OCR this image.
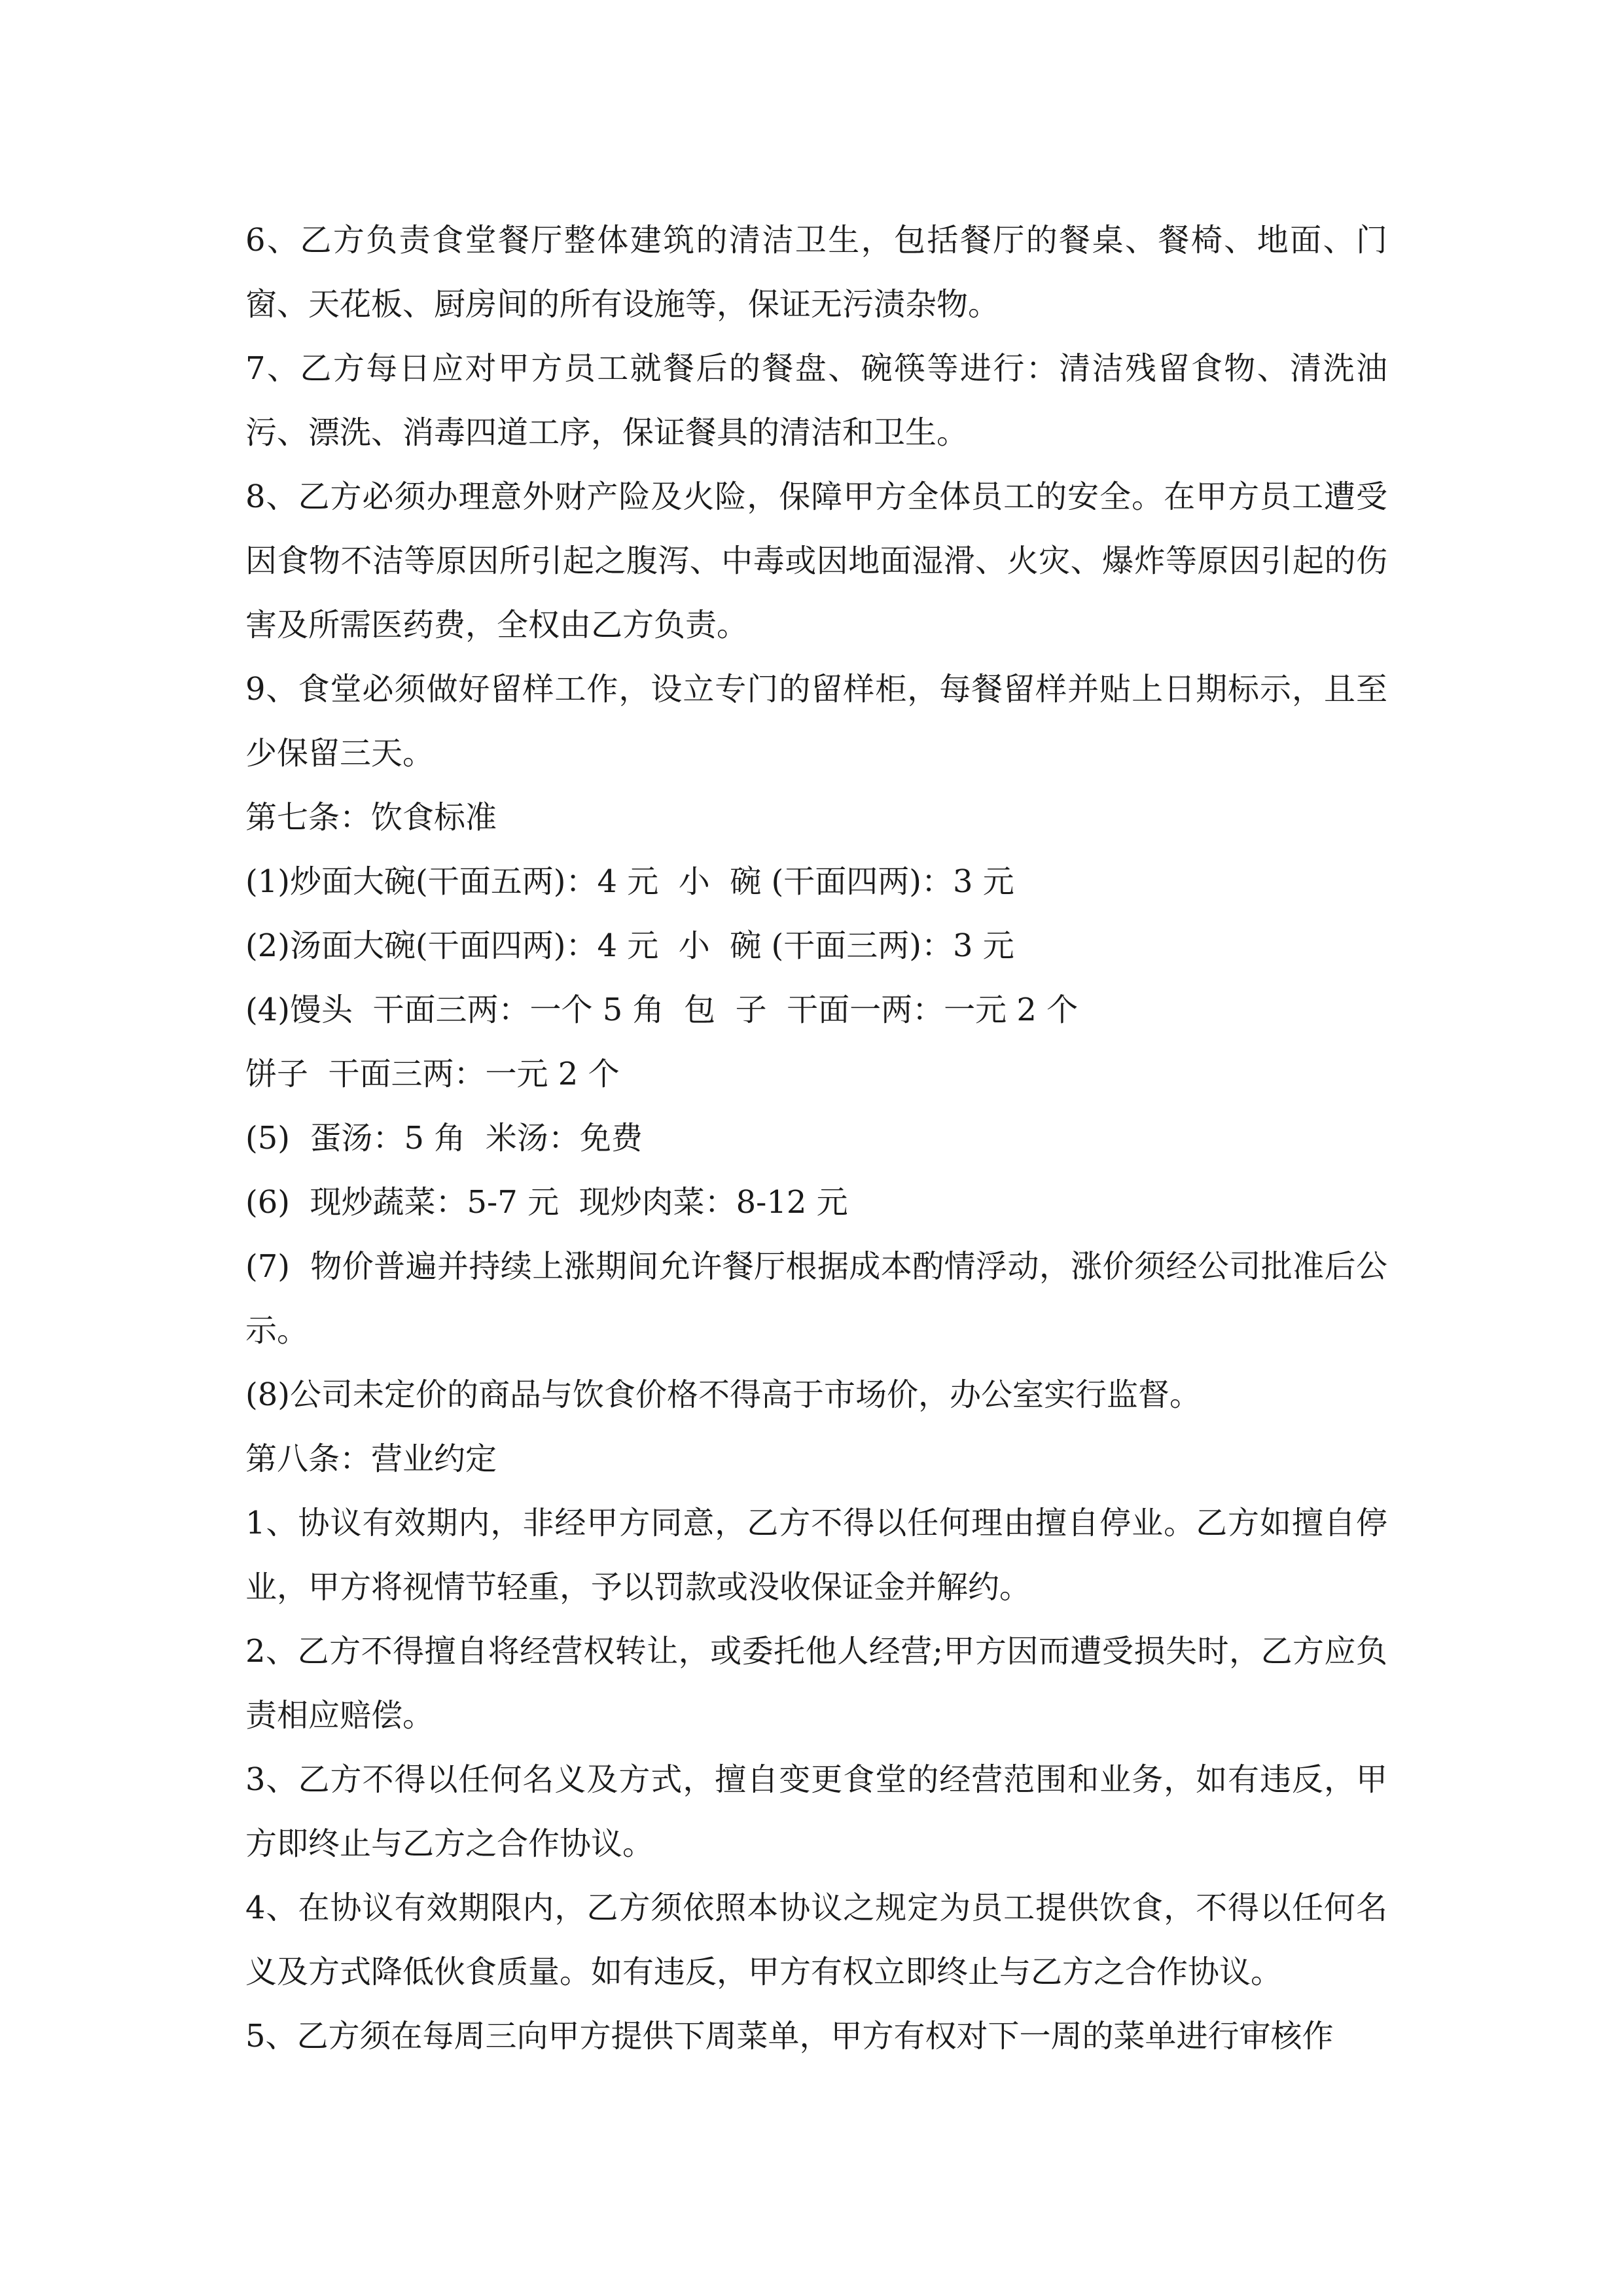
6、乙方负责食堂餐厅整体建筑的清洁卫生，包括餐厅的餐桌、餐椅、地面、门窗、天花板、厨房间的所有设施等，保证无污渍杂物。

7、乙方每日应对甲方员工就餐后的餐盘、碗筷等进行：清洁残留食物、清洗油污、漂洗、消毒四道工序，保证餐具的清洁和卫生。

8、乙方必须办理意外财产险及火险，保障甲方全体员工的安全。在甲方员工遭受因食物不洁等原因所引起之腹泻、中毒或因地面湿滑、火灾、爆炸等原因引起的伤害及所需医药费，全权由乙方负责。

9、食堂必须做好留样工作，设立专门的留样柜，每餐留样并贴上日期标示，且至少保留三天。

第七条：饮食标准

(1)炒面大碗(干面五两)：4 元  小  碗 (干面四两)：3 元

(2)汤面大碗(干面四两)：4 元  小  碗 (干面三两)：3 元

(4)馒头  干面三两：一个 5 角  包  子  干面一两：一元 2 个

饼子  干面三两：一元 2 个

(5)  蛋汤：5 角  米汤：免费

(6)  现炒蔬菜：5-7 元  现炒肉菜：8-12 元

(7)  物价普遍并持续上涨期间允许餐厅根据成本酌情浮动，涨价须经公司批准后公示。

(8)公司未定价的商品与饮食价格不得高于市场价，办公室实行监督。

第八条：营业约定

1、协议有效期内，非经甲方同意，乙方不得以任何理由擅自停业。乙方如擅自停业，甲方将视情节轻重，予以罚款或没收保证金并解约。

2、乙方不得擅自将经营权转让，或委托他人经营;甲方因而遭受损失时，乙方应负责相应赔偿。

3、乙方不得以任何名义及方式，擅自变更食堂的经营范围和业务，如有违反，甲方即终止与乙方之合作协议。

4、在协议有效期限内，乙方须依照本协议之规定为员工提供饮食，不得以任何名义及方式降低伙食质量。如有违反，甲方有权立即终止与乙方之合作协议。

5、乙方须在每周三向甲方提供下周菜单，甲方有权对下一周的菜单进行审核作
